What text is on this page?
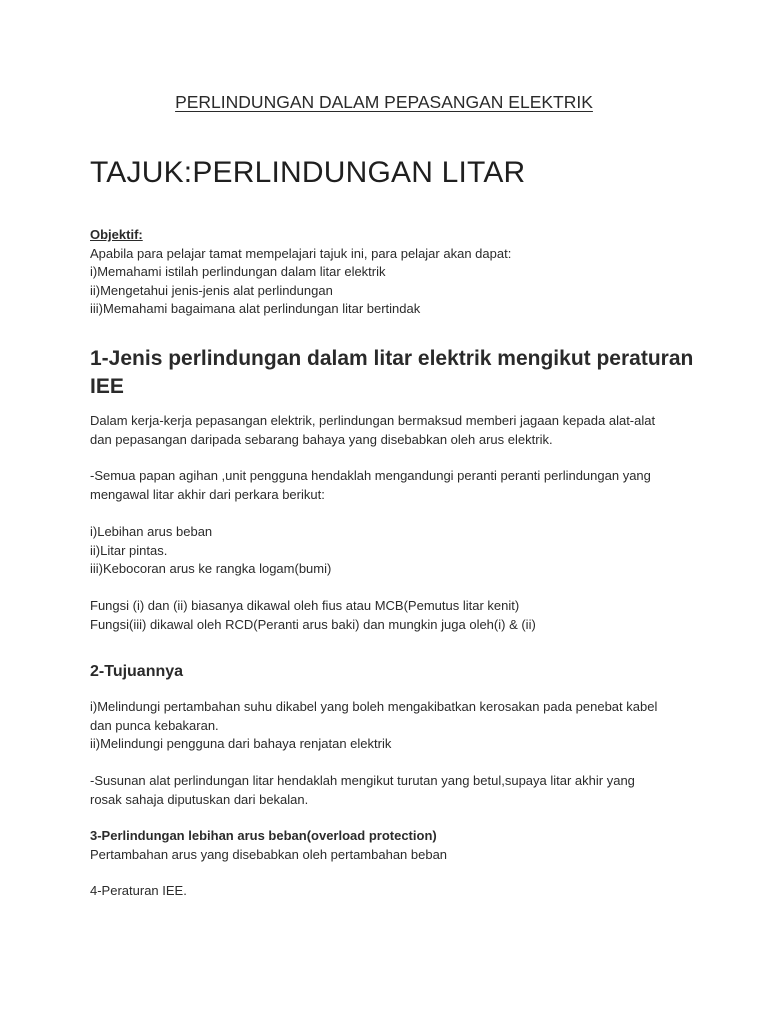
PERLINDUNGAN DALAM PEPASANGAN ELEKTRIK
TAJUK:PERLINDUNGAN LITAR

Objektif:

Apabila para pelajar tamat mempelajari tajuk ini, para pelajar akan dapat:

i)Memahami istilah perlindungan dalam litar elektrik

ii)Mengetahui jenis-jenis alat perlindungan

iii)Memahami bagaimana alat perlindungan litar bertindak

1-Jenis perlindungan dalam litar elektrik mengikut peraturan IEE

Dalam kerja-kerja pepasangan elektrik, perlindungan bermaksud memberi jagaan kepada alat-alat

dan pepasangan daripada sebarang bahaya yang disebabkan oleh arus elektrik.

-Semua papan agihan ,unit pengguna hendaklah mengandungi peranti peranti perlindungan yang

mengawal litar akhir dari perkara berikut:

i)Lebihan arus beban

ii)Litar pintas.

iii)Kebocoran arus ke rangka logam(bumi)

Fungsi (i) dan (ii) biasanya dikawal oleh fius atau MCB(Pemutus litar kenit)

Fungsi(iii) dikawal oleh RCD(Peranti arus baki) dan mungkin juga oleh(i) & (ii)

2-Tujuannya

i)Melindungi pertambahan suhu dikabel yang boleh mengakibatkan kerosakan pada penebat kabel

dan punca kebakaran.

ii)Melindungi pengguna dari bahaya renjatan elektrik

-Susunan alat perlindungan litar hendaklah mengikut turutan yang betul,supaya litar akhir yang

rosak sahaja diputuskan dari bekalan.

3-Perlindungan lebihan arus beban(overload protection)

Pertambahan arus yang disebabkan oleh pertambahan beban

4-Peraturan IEE.
